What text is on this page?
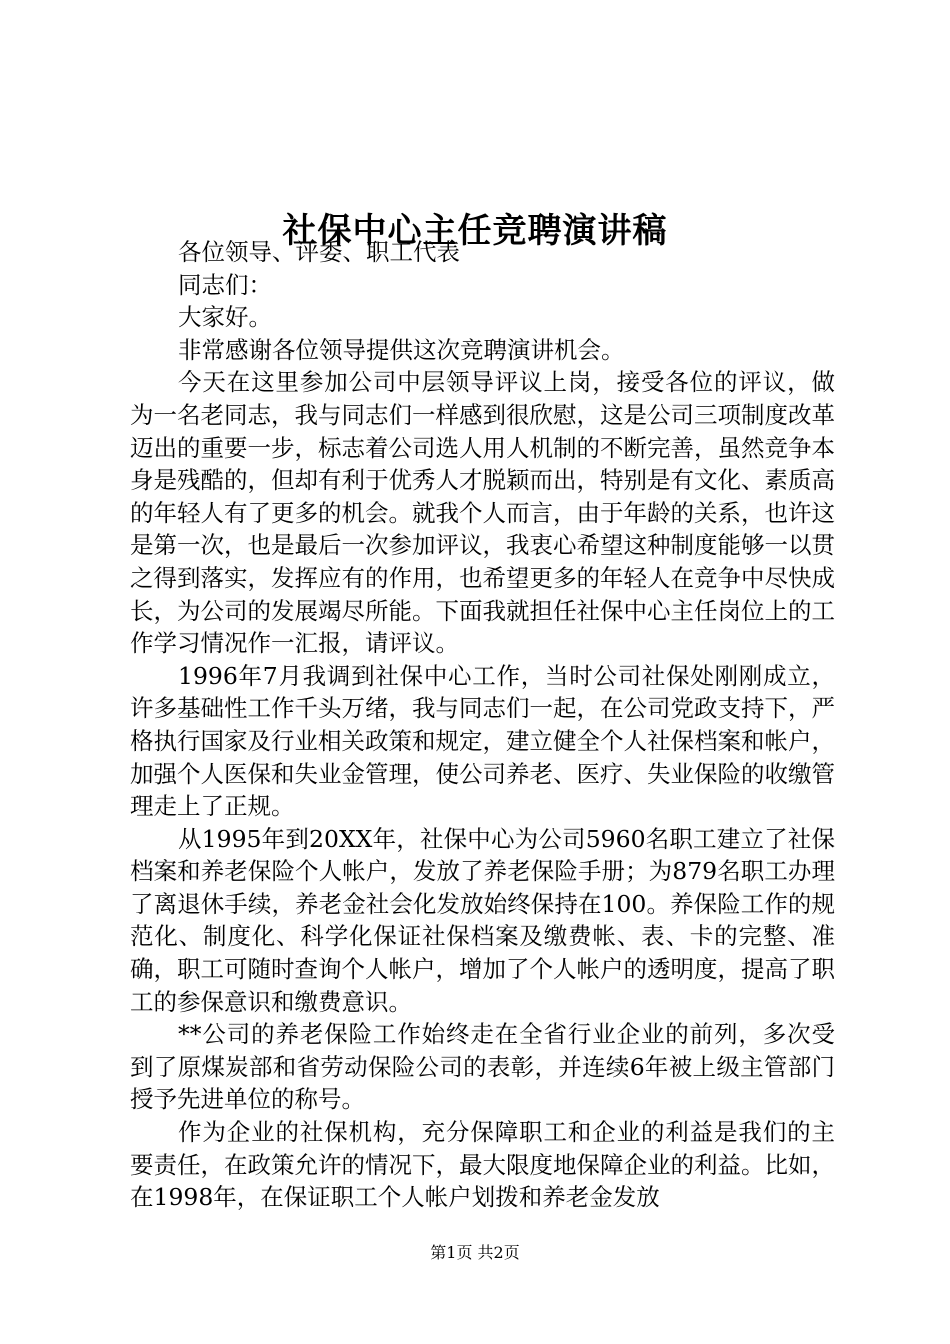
社保中心主任竞聘演讲稿

各位领导、评委、职工代表

同志们：

大家好。

非常感谢各位领导提供这次竞聘演讲机会。

今天在这里参加公司中层领导评议上岗，接受各位的评议，做为一名老同志，我与同志们一样感到很欣慰，这是公司三项制度改革迈出的重要一步，标志着公司选人用人机制的不断完善，虽然竞争本身是残酷的，但却有利于优秀人才脱颖而出，特别是有文化、素质高的年轻人有了更多的机会。就我个人而言，由于年龄的关系，也许这是第一次，也是最后一次参加评议，我衷心希望这种制度能够一以贯之得到落实，发挥应有的作用，也希望更多的年轻人在竞争中尽快成长，为公司的发展竭尽所能。下面我就担任社保中心主任岗位上的工作学习情况作一汇报，请评议。

1996年7月我调到社保中心工作，当时公司社保处刚刚成立，许多基础性工作千头万绪，我与同志们一起，在公司党政支持下，严格执行国家及行业相关政策和规定，建立健全个人社保档案和帐户，加强个人医保和失业金管理，使公司养老、医疗、失业保险的收缴管理走上了正规。

从1995年到20XX年，社保中心为公司5960名职工建立了社保档案和养老保险个人帐户，发放了养老保险手册；为879名职工办理了离退休手续，养老金社会化发放始终保持在100。养保险工作的规范化、制度化、科学化保证社保档案及缴费帐、表、卡的完整、准确，职工可随时查询个人帐户，增加了个人帐户的透明度，提高了职工的参保意识和缴费意识。

**公司的养老保险工作始终走在全省行业企业的前列，多次受到了原煤炭部和省劳动保险公司的表彰，并连续6年被上级主管部门授予先进单位的称号。

作为企业的社保机构，充分保障职工和企业的利益是我们的主要责任，在政策允许的情况下，最大限度地保障企业的利益。比如，在1998年，在保证职工个人帐户划拨和养老金发放

第1页 共2页
